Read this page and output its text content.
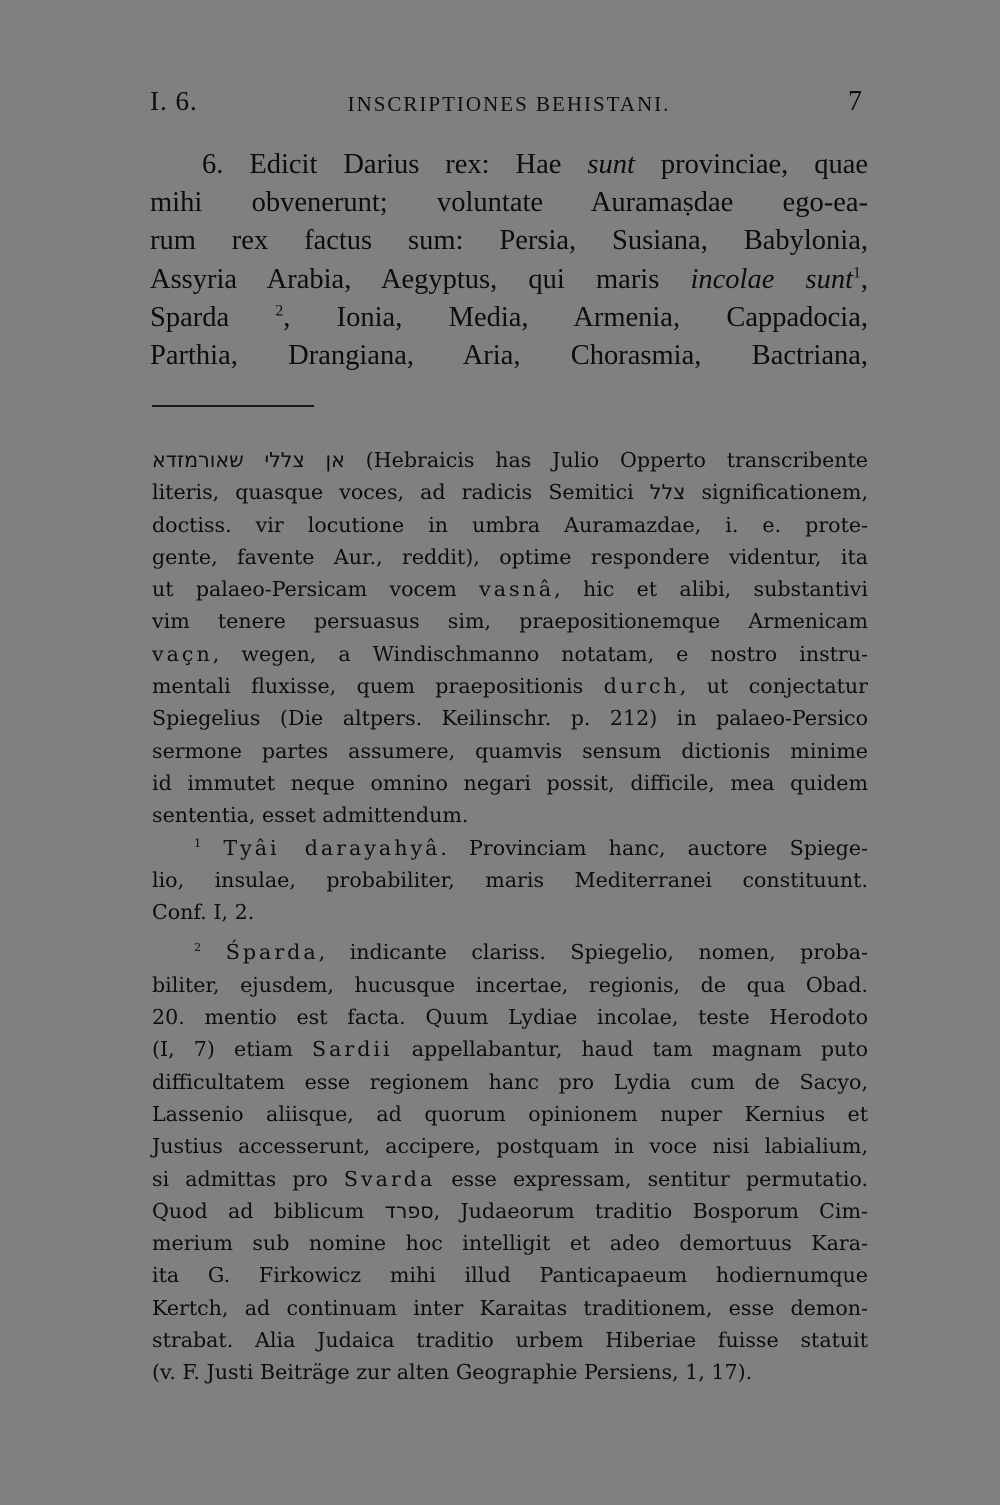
I. 6.	INSCRIPTIONES BEHISTANI.	7
6. Edicit Darius rex: Hae sunt provinciae, quae
mihi obvenerunt; voluntate Auramaṣdae ego-ea-
rum rex factus sum: Persia, Susiana, Babylonia,
Assyria Arabia, Aegyptus, qui maris incolae sunt$^1$,
Sparda $^2$, Ionia, Media, Armenia, Cappadocia,
Parthia, Drangiana, Aria, Chorasmia, Bactriana,
אן צללי שאורמזדא (Hebraicis has Julio Opperto transcribente
literis, quasque voces, ad radicis Semitici צלל significationem,
doctiss. vir locutione in umbra Auramazdae, i. e. prote-
gente, favente Aur., reddit), optime respondere videntur, ita
ut palaeo-Persicam vocem vasnâ, hic et alibi, substantivi
vim tenere persuasus sim, praepositionemque Armenicam
vaçn, wegen, a Windischmanno notatam, e nostro instru-
mentali fluxisse, quem praepositionis durch, ut conjectatur
Spiegelius (Die altpers. Keilinschr. p. 212) in palaeo-Persico
sermone partes assumere, quamvis sensum dictionis minime
id immutet neque omnino negari possit, difficile, mea quidem
sententia, esset admittendum.
$^1$ Tyâi darayahyâ. Provinciam hanc, auctore Spiege-
lio, insulae, probabiliter, maris Mediterranei constituunt.
Conf. I, 2.
$^2$ Śparda, indicante clariss. Spiegelio, nomen, proba-
biliter, ejusdem, hucusque incertae, regionis, de qua Obad.
20. mentio est facta. Quum Lydiae incolae, teste Herodoto
(I, 7) etiam Sardii appellabantur, haud tam magnam puto
difficultatem esse regionem hanc pro Lydia cum de Sacyo,
Lassenio aliisque, ad quorum opinionem nuper Kernius et
Justius accesserunt, accipere, postquam in voce nisi labialium,
si admittas pro Svarda esse expressam, sentitur permutatio.
Quod ad biblicum ספרד, Judaeorum traditio Bosporum Cim-
merium sub nomine hoc intelligit et adeo demortuus Kara-
ita G. Firkowicz mihi illud Panticapaeum hodiernumque
Kertch, ad continuam inter Karaitas traditionem, esse demon-
strabat. Alia Judaica traditio urbem Hiberiae fuisse statuit
(v. F. Justi Beiträge zur alten Geographie Persiens, 1, 17).
